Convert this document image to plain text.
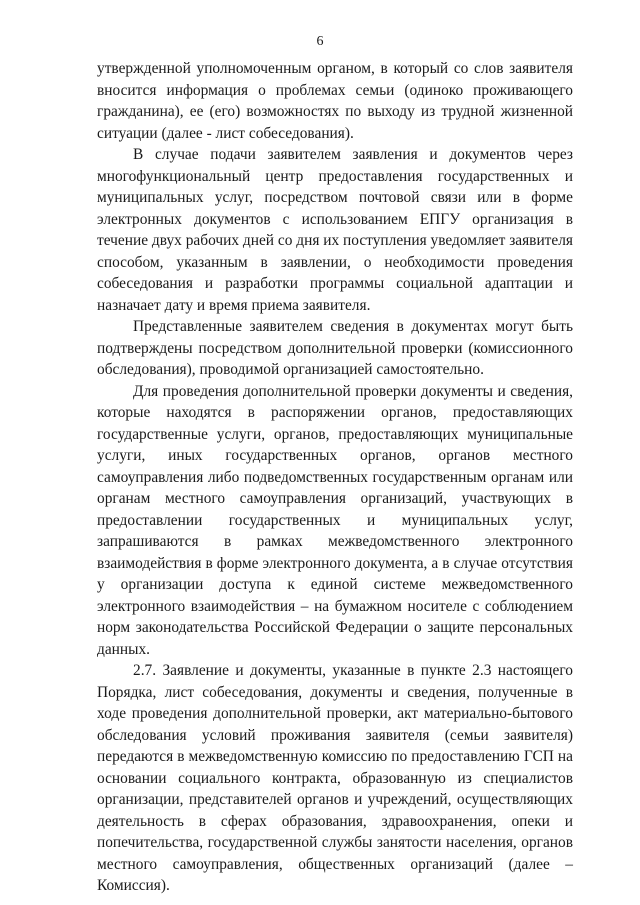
6

утвержденной уполномоченным органом, в который со слов заявителя вносится информация о проблемах семьи (одиноко проживающего гражданина), ее (его) возможностях по выходу из трудной жизненной ситуации (далее - лист собеседования).

В случае подачи заявителем заявления и документов через многофункциональный центр предоставления государственных и муниципальных услуг, посредством почтовой связи или в форме электронных документов с использованием ЕПГУ организация в течение двух рабочих дней со дня их поступления уведомляет заявителя способом, указанным в заявлении, о необходимости проведения собеседования и разработки программы социальной адаптации и назначает дату и время приема заявителя.

Представленные заявителем сведения в документах могут быть подтверждены посредством дополнительной проверки (комиссионного обследования), проводимой организацией самостоятельно.

Для проведения дополнительной проверки документы и сведения, которые находятся в распоряжении органов, предоставляющих государственные услуги, органов, предоставляющих муниципальные услуги, иных государственных органов, органов местного самоуправления либо подведомственных государственным органам или органам местного самоуправления организаций, участвующих в предоставлении государственных и муниципальных услуг, запрашиваются в рамках межведомственного электронного взаимодействия в форме электронного документа, а в случае отсутствия у организации доступа к единой системе межведомственного электронного взаимодействия – на бумажном носителе с соблюдением норм законодательства Российской Федерации о защите персональных данных.

2.7. Заявление и документы, указанные в пункте 2.3 настоящего Порядка, лист собеседования, документы и сведения, полученные в ходе проведения дополнительной проверки, акт материально-бытового обследования условий проживания заявителя (семьи заявителя) передаются в межведомственную комиссию по предоставлению ГСП на основании социального контракта, образованную из специалистов организации, представителей органов и учреждений, осуществляющих деятельность в сферах образования, здравоохранения, опеки и попечительства, государственной службы занятости населения, органов местного самоуправления, общественных организаций (далее – Комиссия).
